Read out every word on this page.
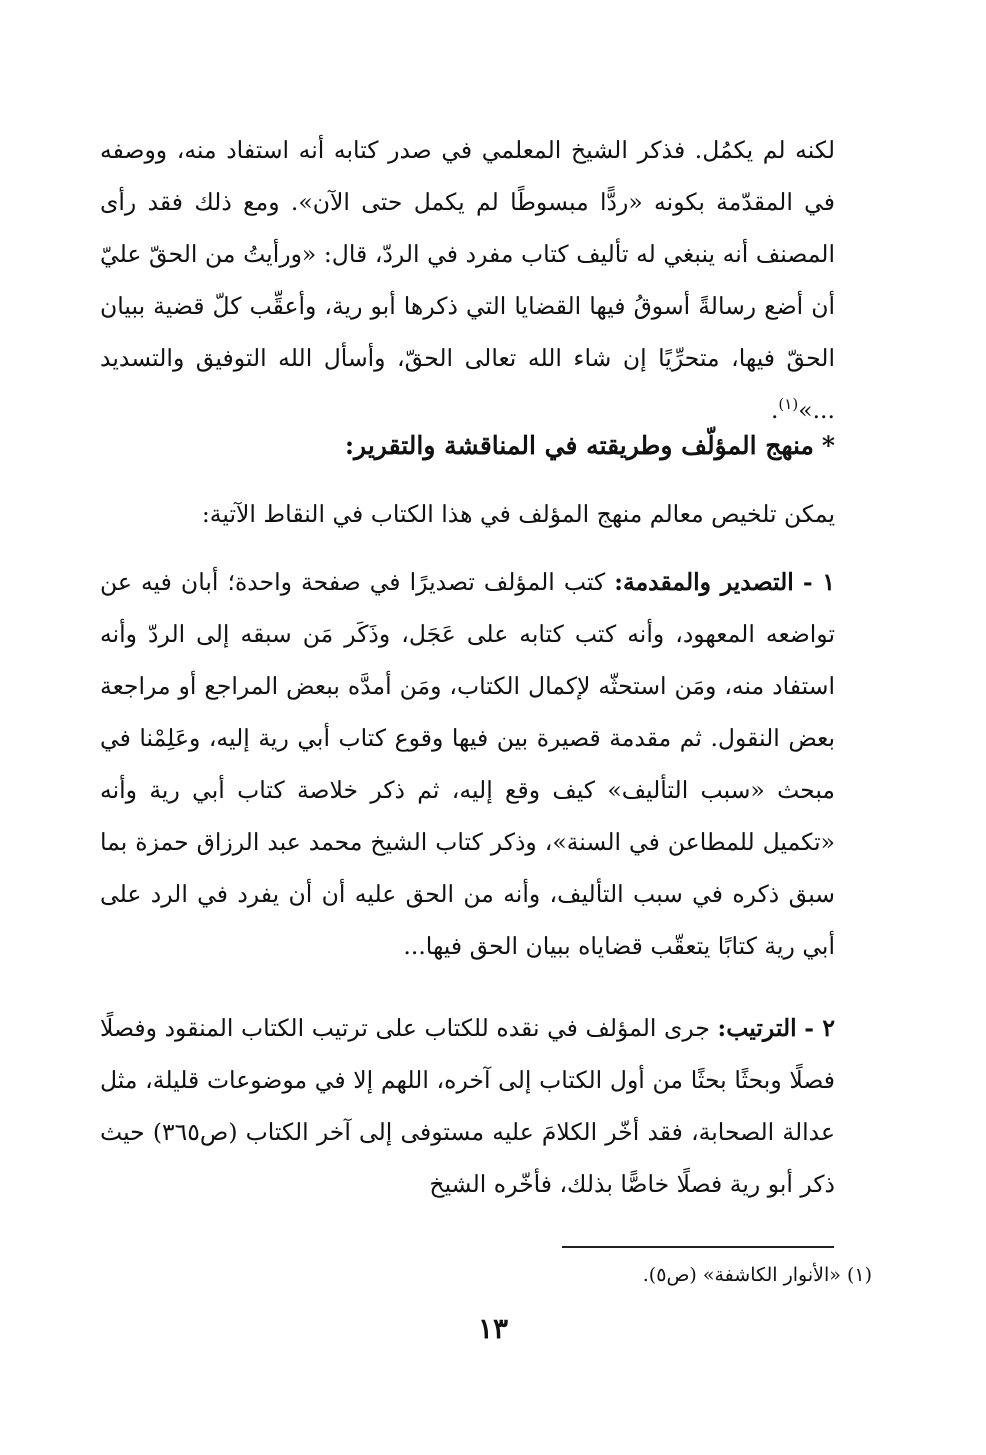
لكنه لم يكمُل. فذكر الشيخ المعلمي في صدر كتابه أنه استفاد منه، ووصفه في المقدّمة بكونه «ردًّا مبسوطًا لم يكمل حتى الآن». ومع ذلك فقد رأى المصنف أنه ينبغي له تأليف كتاب مفرد في الردّ، قال: «ورأيتُ من الحقّ عليّ أن أضع رسالةً أسوقُ فيها القضايا التي ذكرها أبو رية، وأعقِّب كلّ قضية ببيان الحقّ فيها، متحرِّيًا إن شاء الله تعالى الحقّ، وأسأل الله التوفيق والتسديد ...»$^{(١)}$.
*منهج المؤلّف وطريقته في المناقشة والتقرير:
يمكن تلخيص معالم منهج المؤلف في هذا الكتاب في النقاط الآتية:
١ - التصدير والمقدمة: كتب المؤلف تصديرًا في صفحة واحدة؛ أبان فيه عن تواضعه المعهود، وأنه كتب كتابه على عَجَل، وذَكَر مَن سبقه إلى الردّ وأنه استفاد منه، ومَن استحثّه لإكمال الكتاب، ومَن أمدَّه ببعض المراجع أو مراجعة بعض النقول. ثم مقدمة قصيرة بين فيها وقوع كتاب أبي رية إليه، وعَلِمْنا في مبحث «سبب التأليف» كيف وقع إليه، ثم ذكر خلاصة كتاب أبي رية وأنه «تكميل للمطاعن في السنة»، وذكر كتاب الشيخ محمد عبد الرزاق حمزة بما سبق ذكره في سبب التأليف، وأنه من الحق عليه أن أن يفرد في الرد على أبي رية كتابًا يتعقّب قضاياه ببيان الحق فيها...
٢ - الترتيب: جرى المؤلف في نقده للكتاب على ترتيب الكتاب المنقود وفصلًا فصلًا وبحثًا بحثًا من أول الكتاب إلى آخره، اللهم إلا في موضوعات قليلة، مثل عدالة الصحابة، فقد أخّر الكلامَ عليه مستوفى إلى آخر الكتاب (ص٣٦٥) حيث ذكر أبو رية فصلًا خاصًّا بذلك، فأخّره الشيخ
(١) «الأنوار الكاشفة» (ص٥).
١٣
